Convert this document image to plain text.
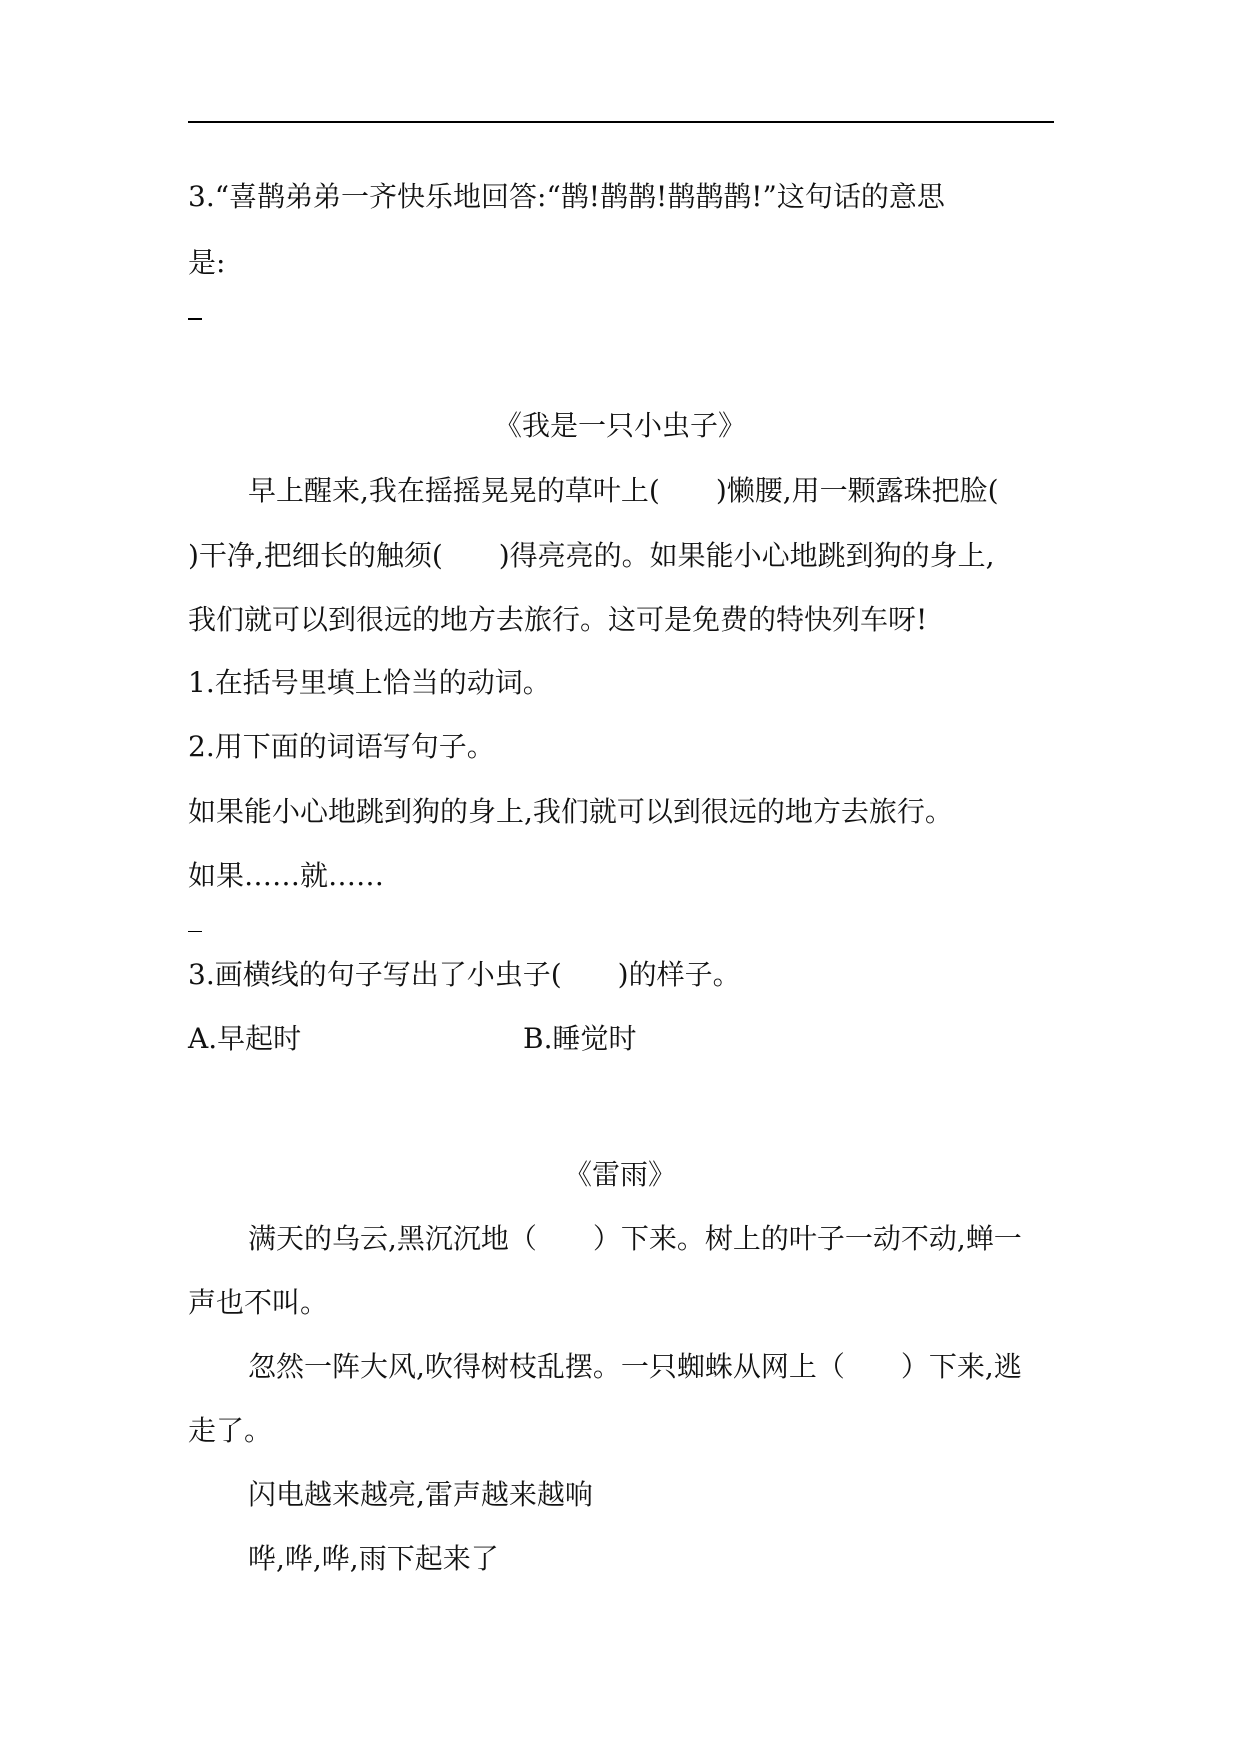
3.“喜鹊弟弟一齐快乐地回答:“鹊!鹊鹊!鹊鹊鹊!”这句话的意思
是:
《我是一只小虫子》
早上醒来,我在摇摇晃晃的草叶上(　　)懒腰,用一颗露珠把脸(
)干净,把细长的触须(　　)得亮亮的。如果能小心地跳到狗的身上,
我们就可以到很远的地方去旅行。这可是免费的特快列车呀!
1.在括号里填上恰当的动词。
2.用下面的词语写句子。
如果能小心地跳到狗的身上,我们就可以到很远的地方去旅行。
如果……就……
3.画横线的句子写出了小虫子(　　)的样子。
A.早起时	B.睡觉时
《雷雨》
满天的乌云,黑沉沉地（　　）下来。树上的叶子一动不动,蝉一
声也不叫。
忽然一阵大风,吹得树枝乱摆。一只蜘蛛从网上（　　）下来,逃
走了。
闪电越来越亮,雷声越来越响
哗,哗,哗,雨下起来了
